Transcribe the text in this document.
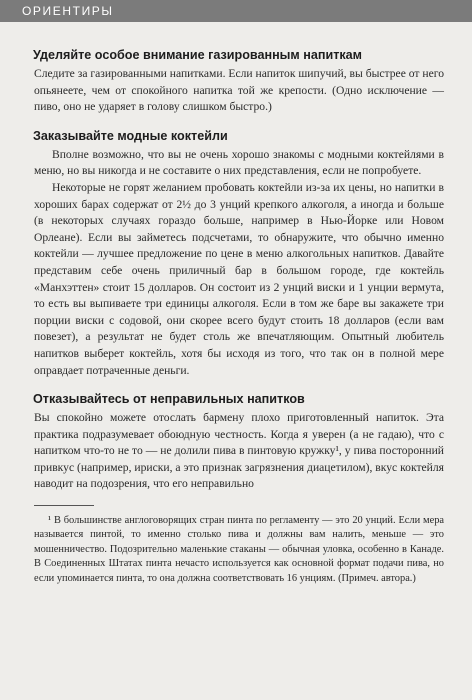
ОРИЕНТИРЫ
Уделяйте особое внимание газированным напиткам

Следите за газированными напитками. Если напиток шипучий, вы быстрее от него опьянеете, чем от спокойного напитка той же крепости. (Одно исключение — пиво, оно не ударяет в голову слишком быстро.)

Заказывайте модные коктейли

Вполне возможно, что вы не очень хорошо знакомы с модными коктейлями в меню, но вы никогда и не составите о них представления, если не попробуете.

Некоторые не горят желанием пробовать коктейли из-за их цены, но напитки в хороших барах содержат от 2½ до 3 унций крепкого алкоголя, а иногда и больше (в некоторых случаях гораздо больше, например в Нью-Йорке или Новом Орлеане). Если вы займетесь подсчетами, то обнаружите, что обычно именно коктейли — лучшее предложение по цене в меню алкогольных напитков. Давайте представим себе очень приличный бар в большом городе, где коктейль «Манхэттен» стоит 15 долларов. Он состоит из 2 унций виски и 1 унции вермута, то есть вы выпиваете три единицы алкоголя. Если в том же баре вы закажете три порции виски с содовой, они скорее всего будут стоить 18 долларов (если вам повезет), а результат не будет столь же впечатляющим. Опытный любитель напитков выберет коктейль, хотя бы исходя из того, что так он в полной мере оправдает потраченные деньги.

Отказывайтесь от неправильных напитков

Вы спокойно можете отослать бармену плохо приготовленный напиток. Эта практика подразумевает обоюдную честность. Когда я уверен (а не гадаю), что с напитком что-то не то — не долили пива в пинтовую кружку¹, у пива посторонний привкус (например, ириски, а это признак загрязнения диацетилом), вкус коктейля наводит на подозрения, что его неправильно

¹ В большинстве англоговорящих стран пинта по регламенту — это 20 унций. Если мера называется пинтой, то именно столько пива и должны вам налить, меньше — это мошенничество. Подозрительно маленькие стаканы — обычная уловка, особенно в Канаде. В Соединенных Штатах пинта нечасто используется как основной формат подачи пива, но если упоминается пинта, то она должна соответствовать 16 унциям. (Примеч. автора.)
